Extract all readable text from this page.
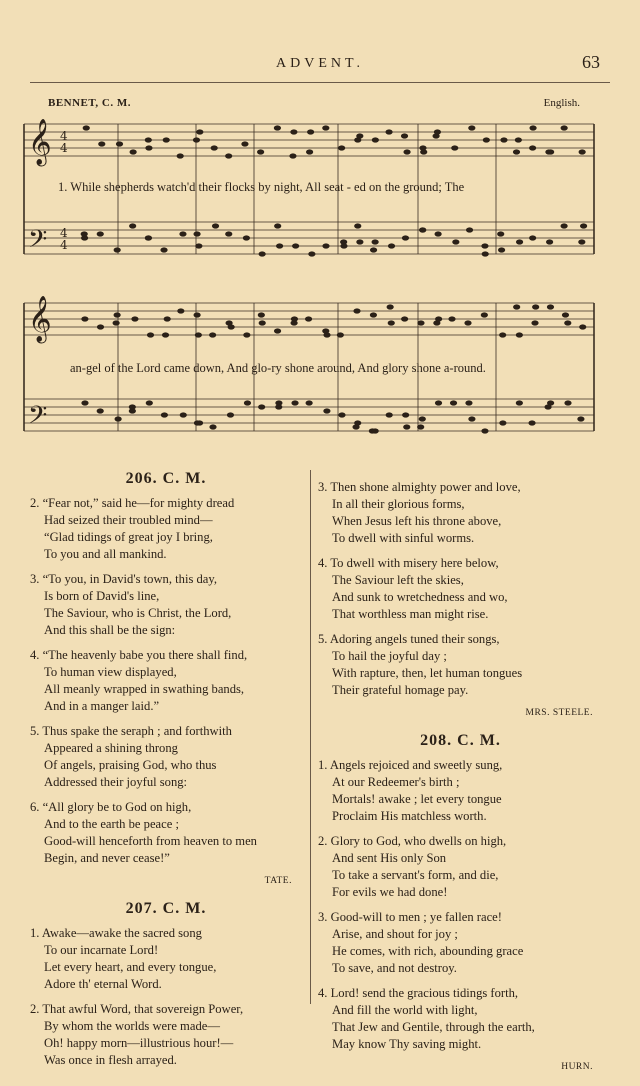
ADVENT.	63
BENNET, C. M.	English.
𝄞
𝄢
𝄞
𝄢
4
4
4
4
1. While shepherds watch'd their flocks by night, All seat - ed on the ground; The
an-gel of the Lord came down, And glo-ry shone around, And glory shone a-round.
206. C. M.
2. “Fear not,” said he—for mighty dread
Had seized their troubled mind—
“Glad tidings of great joy I bring,
To you and all mankind.
3. “To you, in David's town, this day,
Is born of David's line,
The Saviour, who is Christ, the Lord,
And this shall be the sign:
4. “The heavenly babe you there shall find,
To human view displayed,
All meanly wrapped in swathing bands,
And in a manger laid.”
5. Thus spake the seraph ; and forthwith
Appeared a shining throng
Of angels, praising God, who thus
Addressed their joyful song:
6. “All glory be to God on high,
And to the earth be peace ;
Good-will henceforth from heaven to men
Begin, and never cease!”
TATE.
207. C. M.
1. Awake—awake the sacred song
To our incarnate Lord!
Let every heart, and every tongue,
Adore th' eternal Word.
2. That awful Word, that sovereign Power,
By whom the worlds were made—
Oh! happy morn—illustrious hour!—
Was once in flesh arrayed.
3. Then shone almighty power and love,
In all their glorious forms,
When Jesus left his throne above,
To dwell with sinful worms.
4. To dwell with misery here below,
The Saviour left the skies,
And sunk to wretchedness and wo,
That worthless man might rise.
5. Adoring angels tuned their songs,
To hail the joyful day ;
With rapture, then, let human tongues
Their grateful homage pay.
MRS. STEELE.
208. C. M.
1. Angels rejoiced and sweetly sung,
At our Redeemer's birth ;
Mortals! awake ; let every tongue
Proclaim His matchless worth.
2. Glory to God, who dwells on high,
And sent His only Son
To take a servant's form, and die,
For evils we had done!
3. Good-will to men ; ye fallen race!
Arise, and shout for joy ;
He comes, with rich, abounding grace
To save, and not destroy.
4. Lord! send the gracious tidings forth,
And fill the world with light,
That Jew and Gentile, through the earth,
May know Thy saving might.
HURN.
